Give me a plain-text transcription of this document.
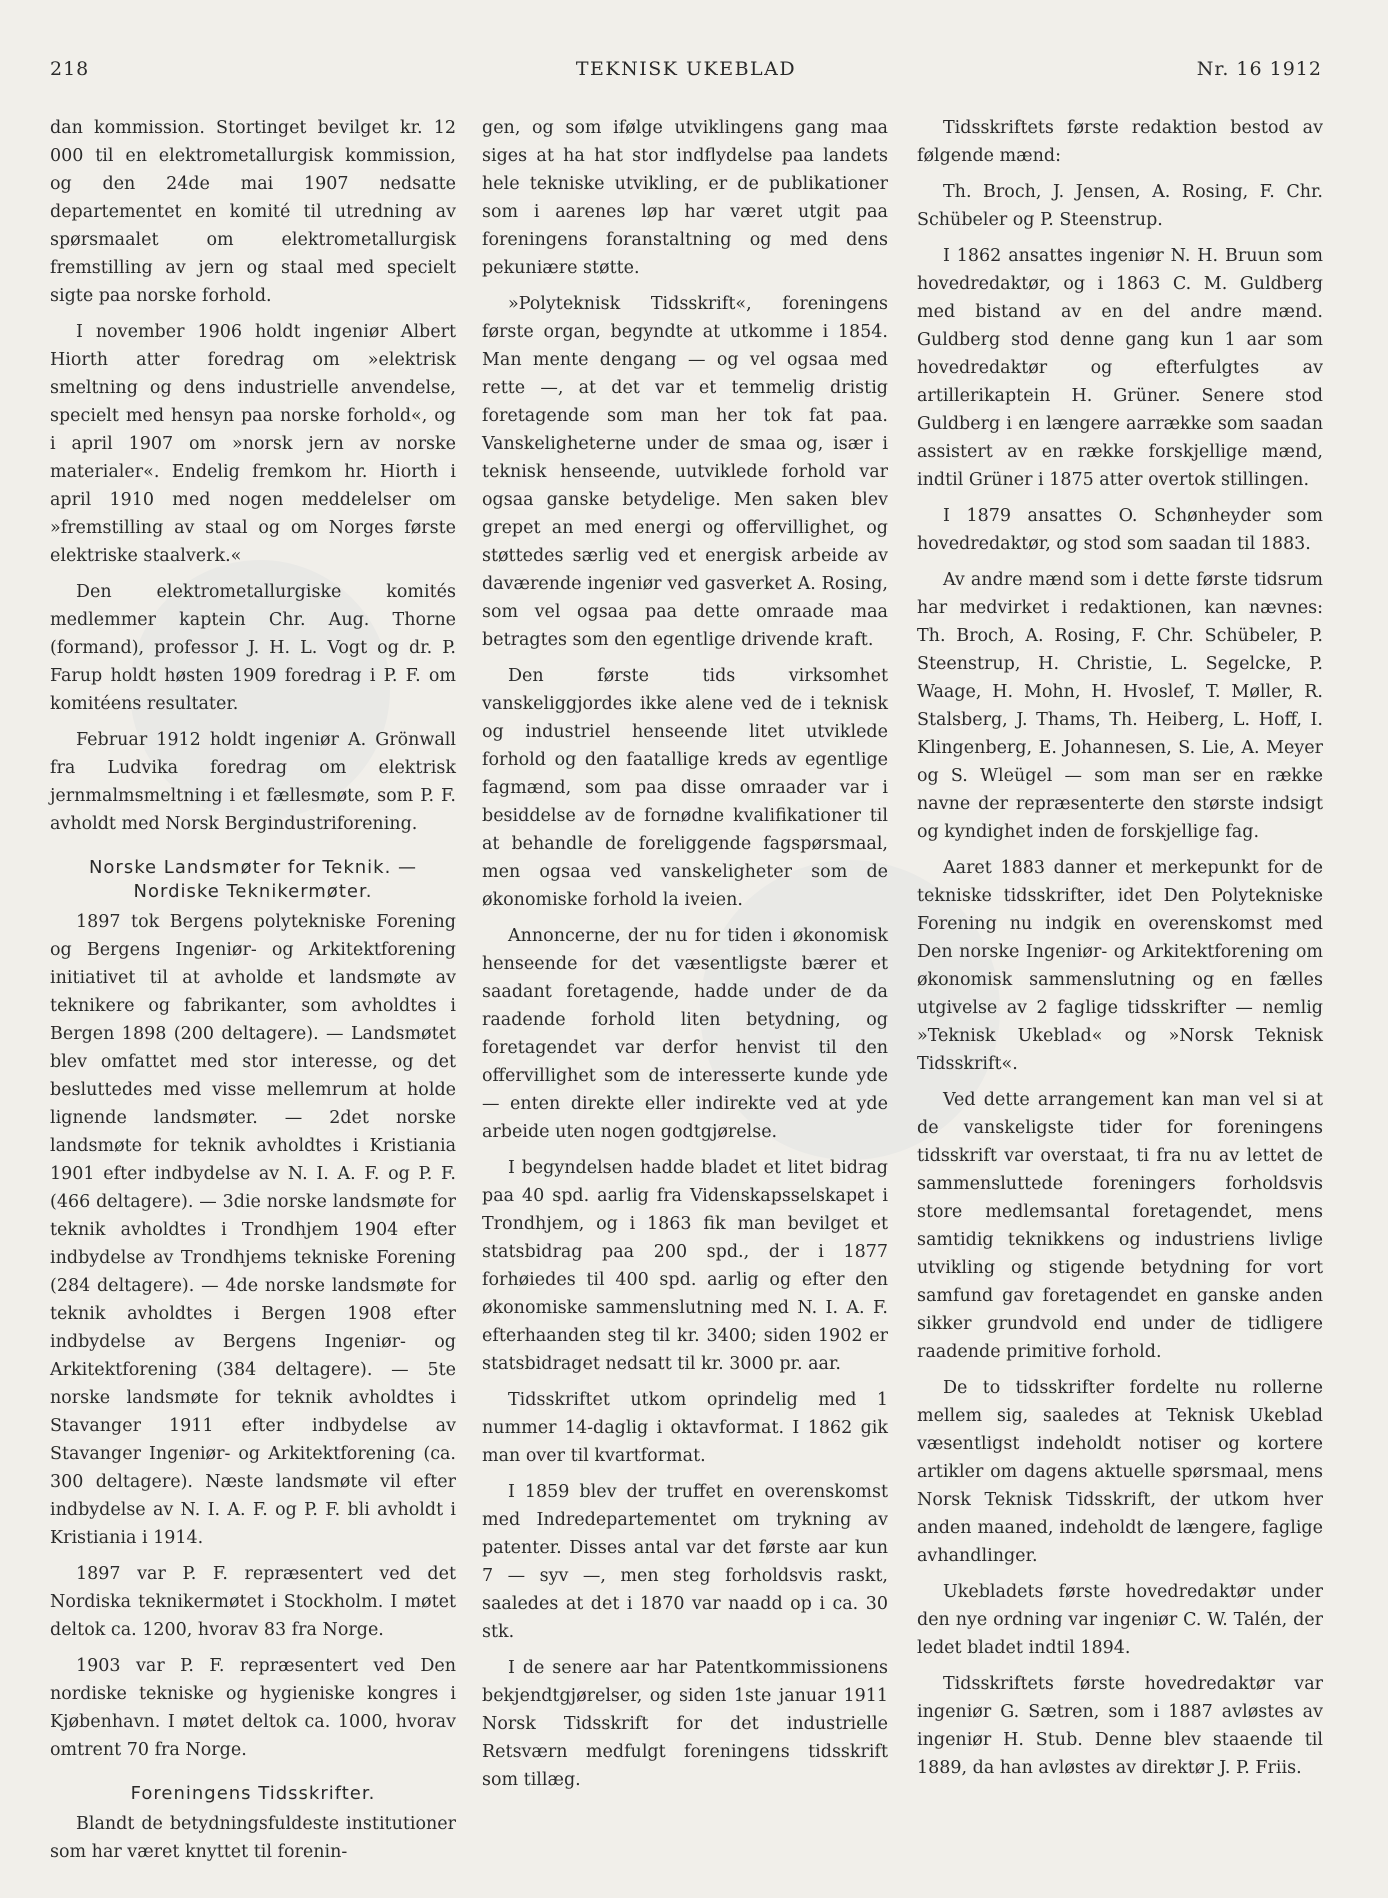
218	TEKNISK UKEBLAD	Nr. 16 1912

dan kommission. Stortinget bevilget kr. 12 000 til en elektrometallurgisk kommission, og den 24de mai 1907 nedsatte departementet en komité til utredning av spørsmaalet om elektrometallurgisk fremstilling av jern og staal med specielt sigte paa norske forhold.

I november 1906 holdt ingeniør Albert Hiorth atter foredrag om »elektrisk smeltning og dens industrielle anvendelse, specielt med hensyn paa norske forhold«, og i april 1907 om »norsk jern av norske materialer«. Endelig fremkom hr. Hiorth i april 1910 med nogen meddelelser om »fremstilling av staal og om Norges første elektriske staalverk.«

Den elektrometallurgiske komités medlemmer kaptein Chr. Aug. Thorne (formand), professor J. H. L. Vogt og dr. P. Farup holdt høsten 1909 foredrag i P. F. om komitéens resultater.

Februar 1912 holdt ingeniør A. Grönwall fra Ludvika foredrag om elektrisk jernmalmsmeltning i et fællesmøte, som P. F. avholdt med Norsk Bergindustriforening.

Norske Landsmøter for Teknik. — Nordiske Teknikermøter.

1897 tok Bergens polytekniske Forening og Bergens Ingeniør- og Arkitektforening initiativet til at avholde et landsmøte av teknikere og fabrikanter, som avholdtes i Bergen 1898 (200 deltagere). — Landsmøtet blev omfattet med stor interesse, og det besluttedes med visse mellemrum at holde lignende landsmøter. — 2det norske landsmøte for teknik avholdtes i Kristiania 1901 efter indbydelse av N. I. A. F. og P. F. (466 deltagere). — 3die norske landsmøte for teknik avholdtes i Trondhjem 1904 efter indbydelse av Trondhjems tekniske Forening (284 deltagere). — 4de norske landsmøte for teknik avholdtes i Bergen 1908 efter indbydelse av Bergens Ingeniør- og Arkitektforening (384 deltagere). — 5te norske landsmøte for teknik avholdtes i Stavanger 1911 efter indbydelse av Stavanger Ingeniør- og Arkitektforening (ca. 300 deltagere). Næste landsmøte vil efter indbydelse av N. I. A. F. og P. F. bli avholdt i Kristiania i 1914.

1897 var P. F. repræsentert ved det Nordiska teknikermøtet i Stockholm. I møtet deltok ca. 1200, hvorav 83 fra Norge.

1903 var P. F. repræsentert ved Den nordiske tekniske og hygieniske kongres i Kjøbenhavn. I møtet deltok ca. 1000, hvorav omtrent 70 fra Norge.

Foreningens Tidsskrifter.

Blandt de betydningsfuldeste institutioner som har været knyttet til forenin-

gen, og som ifølge utviklingens gang maa siges at ha hat stor indflydelse paa landets hele tekniske utvikling, er de publikationer som i aarenes løp har været utgit paa foreningens foranstaltning og med dens pekuniære støtte.

»Polyteknisk Tidsskrift«, foreningens første organ, begyndte at utkomme i 1854. Man mente dengang — og vel ogsaa med rette —, at det var et temmelig dristig foretagende som man her tok fat paa. Vanskeligheterne under de smaa og, især i teknisk henseende, uutviklede forhold var ogsaa ganske betydelige. Men saken blev grepet an med energi og offervillighet, og støttedes særlig ved et energisk arbeide av daværende ingeniør ved gasverket A. Rosing, som vel ogsaa paa dette omraade maa betragtes som den egentlige drivende kraft.

Den første tids virksomhet vanskeliggjordes ikke alene ved de i teknisk og industriel henseende litet utviklede forhold og den faatallige kreds av egentlige fagmænd, som paa disse omraader var i besiddelse av de fornødne kvalifikationer til at behandle de foreliggende fagspørsmaal, men ogsaa ved vanskeligheter som de økonomiske forhold la iveien.

Annoncerne, der nu for tiden i økonomisk henseende for det væsentligste bærer et saadant foretagende, hadde under de da raadende forhold liten betydning, og foretagendet var derfor henvist til den offervillighet som de interesserte kunde yde — enten direkte eller indirekte ved at yde arbeide uten nogen godtgjørelse.

I begyndelsen hadde bladet et litet bidrag paa 40 spd. aarlig fra Videnskapsselskapet i Trondhjem, og i 1863 fik man bevilget et statsbidrag paa 200 spd., der i 1877 forhøiedes til 400 spd. aarlig og efter den økonomiske sammenslutning med N. I. A. F. efterhaanden steg til kr. 3400; siden 1902 er statsbidraget nedsatt til kr. 3000 pr. aar.

Tidsskriftet utkom oprindelig med 1 nummer 14-daglig i oktavformat. I 1862 gik man over til kvartformat.

I 1859 blev der truffet en overenskomst med Indredepartementet om trykning av patenter. Disses antal var det første aar kun 7 — syv —, men steg forholdsvis raskt, saaledes at det i 1870 var naadd op i ca. 30 stk.

I de senere aar har Patentkommissionens bekjendtgjørelser, og siden 1ste januar 1911 Norsk Tidsskrift for det industrielle Retsværn medfulgt foreningens tidsskrift som tillæg.

Tidsskriftets første redaktion bestod av følgende mænd:

Th. Broch, J. Jensen, A. Rosing, F. Chr. Schübeler og P. Steenstrup.

I 1862 ansattes ingeniør N. H. Bruun som hovedredaktør, og i 1863 C. M. Guldberg med bistand av en del andre mænd. Guldberg stod denne gang kun 1 aar som hovedredaktør og efterfulgtes av artillerikaptein H. Grüner. Senere stod Guldberg i en længere aarrække som saadan assistert av en række forskjellige mænd, indtil Grüner i 1875 atter overtok stillingen.

I 1879 ansattes O. Schønheyder som hovedredaktør, og stod som saadan til 1883.

Av andre mænd som i dette første tidsrum har medvirket i redaktionen, kan nævnes: Th. Broch, A. Rosing, F. Chr. Schübeler, P. Steenstrup, H. Christie, L. Segelcke, P. Waage, H. Mohn, H. Hvoslef, T. Møller, R. Stalsberg, J. Thams, Th. Heiberg, L. Hoff, I. Klingenberg, E. Johannesen, S. Lie, A. Meyer og S. Wleügel — som man ser en række navne der repræsenterte den største indsigt og kyndighet inden de forskjellige fag.

Aaret 1883 danner et merkepunkt for de tekniske tidsskrifter, idet Den Polytekniske Forening nu indgik en overenskomst med Den norske Ingeniør- og Arkitektforening om økonomisk sammenslutning og en fælles utgivelse av 2 faglige tidsskrifter — nemlig »Teknisk Ukeblad« og »Norsk Teknisk Tidsskrift«.

Ved dette arrangement kan man vel si at de vanskeligste tider for foreningens tidsskrift var overstaat, ti fra nu av lettet de sammensluttede foreningers forholdsvis store medlemsantal foretagendet, mens samtidig teknikkens og industriens livlige utvikling og stigende betydning for vort samfund gav foretagendet en ganske anden sikker grundvold end under de tidligere raadende primitive forhold.

De to tidsskrifter fordelte nu rollerne mellem sig, saaledes at Teknisk Ukeblad væsentligst indeholdt notiser og kortere artikler om dagens aktuelle spørsmaal, mens Norsk Teknisk Tidsskrift, der utkom hver anden maaned, indeholdt de længere, faglige avhandlinger.

Ukebladets første hovedredaktør under den nye ordning var ingeniør C. W. Talén, der ledet bladet indtil 1894.

Tidsskriftets første hovedredaktør var ingeniør G. Sætren, som i 1887 avløstes av ingeniør H. Stub. Denne blev staaende til 1889, da han avløstes av direktør J. P. Friis.
